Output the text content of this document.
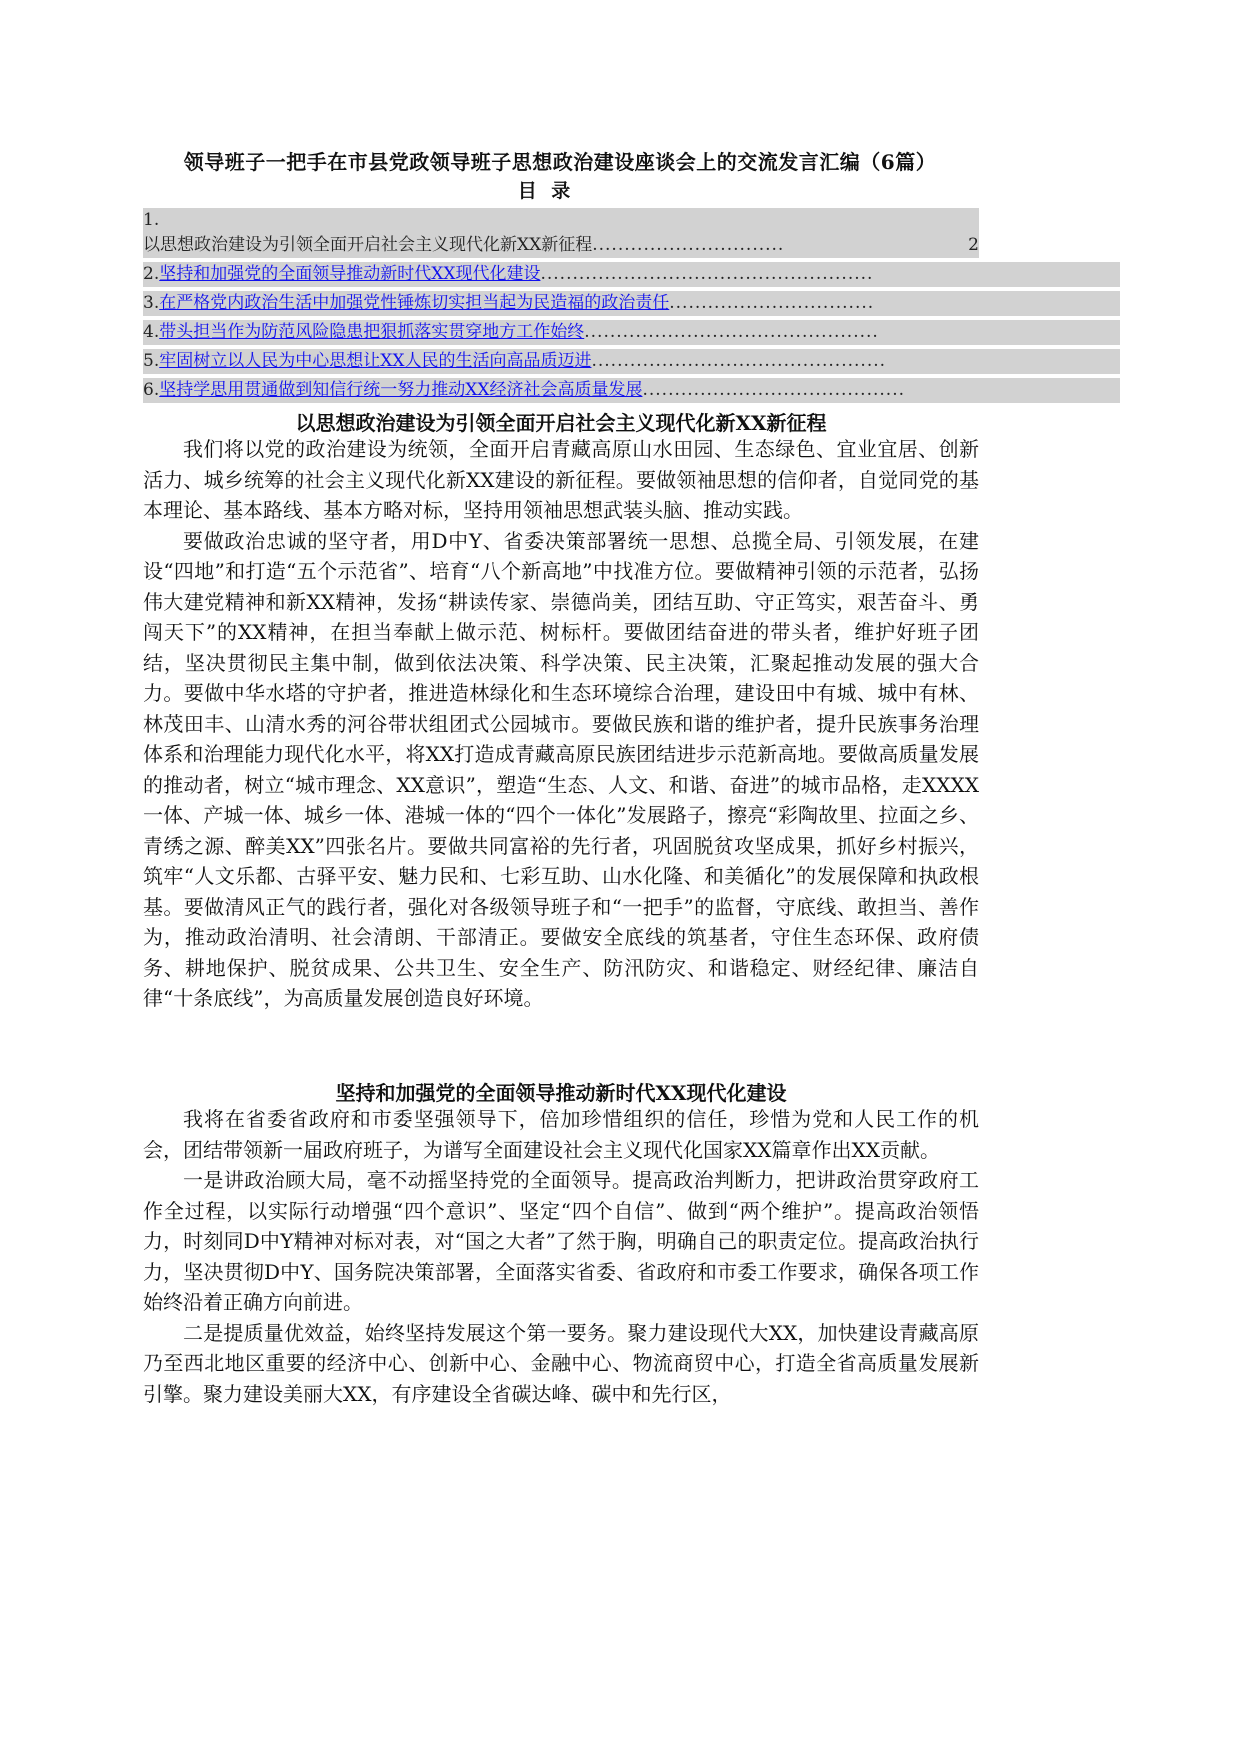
领导班子一把手在市县党政领导班子思想政治建设座谈会上的交流发言汇编（6篇）
目 录
1.
以思想政治建设为引领全面开启社会主义现代化新XX新征程..............................	2
2.坚持和加强党的全面领导推动新时代XX现代化建设....................................................
3.在严格党内政治生活中加强党性锤炼切实担当起为民造福的政治责任................................
4.带头担当作为防范风险隐患把狠抓落实贯穿地方工作始终..............................................
5.牢固树立以人民为中心思想让XX人民的生活向高品质迈进..............................................
6.坚持学思用贯通做到知信行统一努力推动XX经济社会高质量发展.........................................
以思想政治建设为引领全面开启社会主义现代化新XX新征程

我们将以党的政治建设为统领，全面开启青藏高原山水田园、生态绿色、宜业宜居、创新活力、城乡统筹的社会主义现代化新XX建设的新征程。要做领袖思想的信仰者，自觉同党的基本理论、基本路线、基本方略对标，坚持用领袖思想武装头脑、推动实践。

要做政治忠诚的坚守者，用D中Y、省委决策部署统一思想、总揽全局、引领发展，在建设“四地”和打造“五个示范省”、培育“八个新高地”中找准方位。要做精神引领的示范者，弘扬伟大建党精神和新XX精神，发扬“耕读传家、崇德尚美，团结互助、守正笃实，艰苦奋斗、勇闯天下”的XX精神，在担当奉献上做示范、树标杆。要做团结奋进的带头者，维护好班子团结，坚决贯彻民主集中制，做到依法决策、科学决策、民主决策，汇聚起推动发展的强大合力。要做中华水塔的守护者，推进造林绿化和生态环境综合治理，建设田中有城、城中有林、林茂田丰、山清水秀的河谷带状组团式公园城市。要做民族和谐的维护者，提升民族事务治理体系和治理能力现代化水平，将XX打造成青藏高原民族团结进步示范新高地。要做高质量发展的推动者，树立“城市理念、XX意识”，塑造“生态、人文、和谐、奋进”的城市品格，走XXXX一体、产城一体、城乡一体、港城一体的“四个一体化”发展路子，擦亮“彩陶故里、拉面之乡、青绣之源、醉美XX”四张名片。要做共同富裕的先行者，巩固脱贫攻坚成果，抓好乡村振兴，筑牢“人文乐都、古驿平安、魅力民和、七彩互助、山水化隆、和美循化”的发展保障和执政根基。要做清风正气的践行者，强化对各级领导班子和“一把手”的监督，守底线、敢担当、善作为，推动政治清明、社会清朗、干部清正。要做安全底线的筑基者，守住生态环保、政府债务、耕地保护、脱贫成果、公共卫生、安全生产、防汛防灾、和谐稳定、财经纪律、廉洁自律“十条底线”，为高质量发展创造良好环境。

坚持和加强党的全面领导推动新时代XX现代化建设

我将在省委省政府和市委坚强领导下，倍加珍惜组织的信任，珍惜为党和人民工作的机会，团结带领新一届政府班子，为谱写全面建设社会主义现代化国家XX篇章作出XX贡献。

一是讲政治顾大局，毫不动摇坚持党的全面领导。提高政治判断力，把讲政治贯穿政府工作全过程，以实际行动增强“四个意识”、坚定“四个自信”、做到“两个维护”。提高政治领悟力，时刻同D中Y精神对标对表，对“国之大者”了然于胸，明确自己的职责定位。提高政治执行力，坚决贯彻D中Y、国务院决策部署，全面落实省委、省政府和市委工作要求，确保各项工作始终沿着正确方向前进。

二是提质量优效益，始终坚持发展这个第一要务。聚力建设现代大XX，加快建设青藏高原乃至西北地区重要的经济中心、创新中心、金融中心、物流商贸中心，打造全省高质量发展新引擎。聚力建设美丽大XX，有序建设全省碳达峰、碳中和先行区，
